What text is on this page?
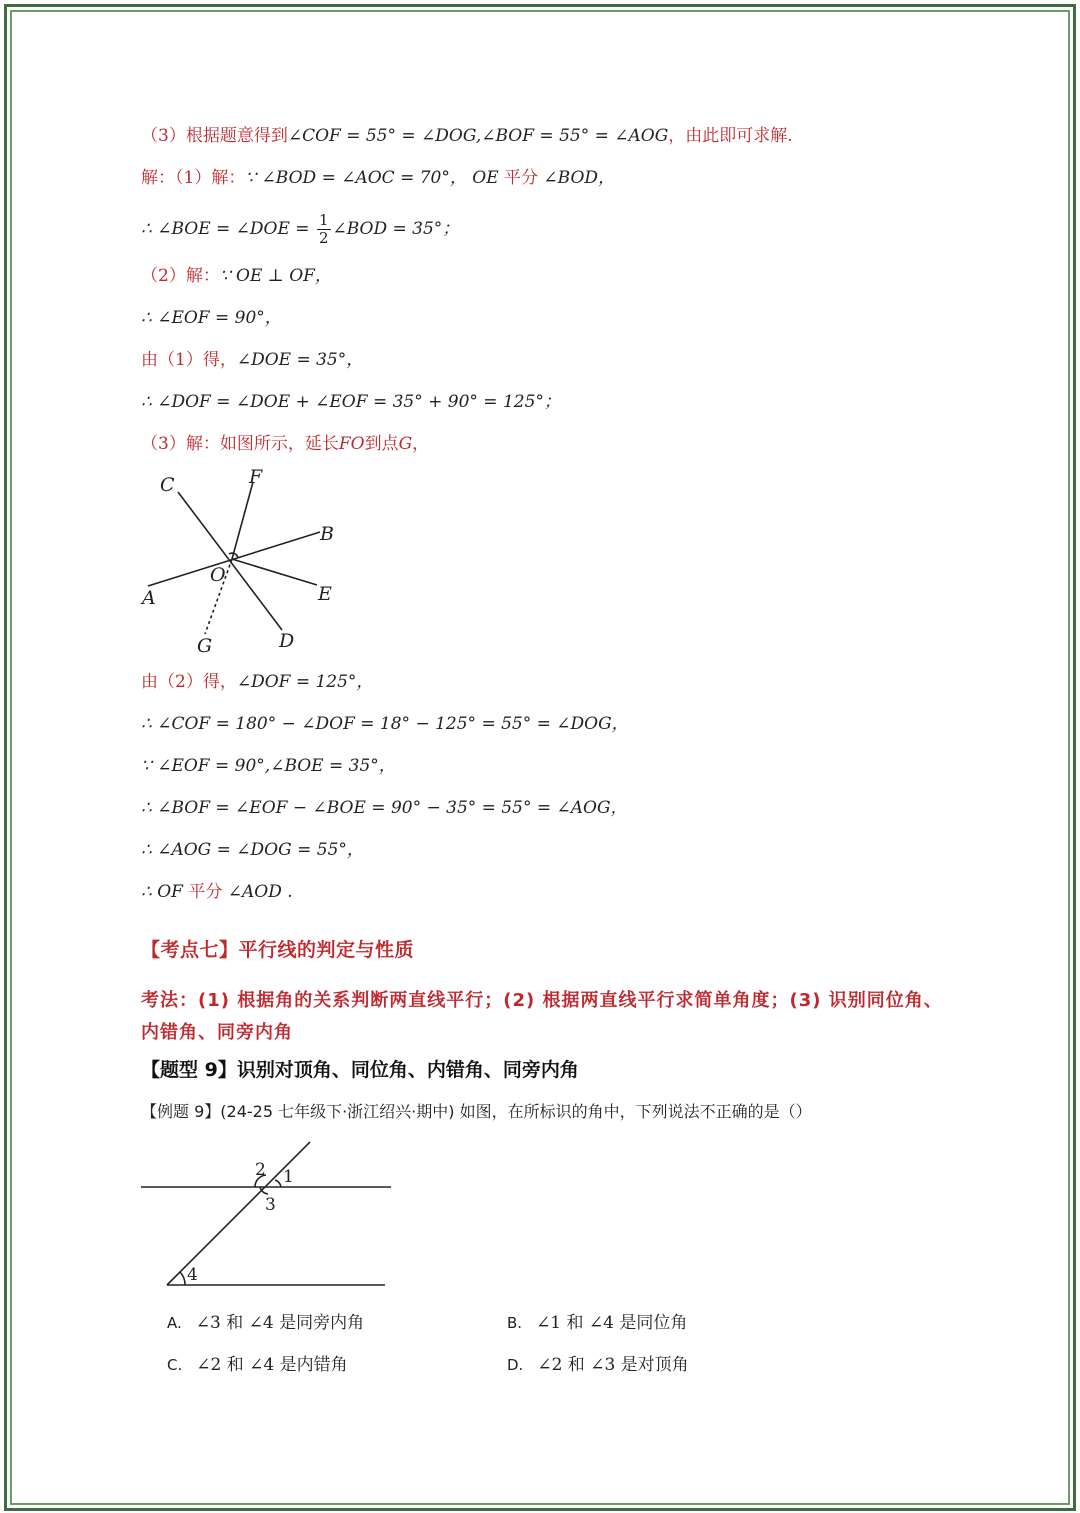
（3）根据题意得到∠COF = 55° = ∠DOG,∠BOF = 55° = ∠AOG，由此即可求解.
解：（1）解：∵ ∠BOD = ∠AOC = 70°， OE 平分 ∠BOD，
∴ ∠BOE = ∠DOE = $\frac{1}{2}$ ∠BOD = 35°；
（2）解：∵ OE ⊥ OF，
∴ ∠EOF = 90°，
由（1）得，∠DOE = 35°，
∴ ∠DOF = ∠DOE + ∠EOF = 35° + 90° = 125°；
（3）解：如图所示，延长FO到点G，
C	F
B
O
A	E
G	D
由（2）得，∠DOF = 125°，
∴ ∠COF = 180° − ∠DOF = 18° − 125° = 55° = ∠DOG，
∵ ∠EOF = 90°,∠BOE = 35°，
∴ ∠BOF = ∠EOF − ∠BOE = 90° − 35° = 55° = ∠AOG，
∴ ∠AOG = ∠DOG = 55°，
∴ OF 平分 ∠AOD .
【考点七】平行线的判定与性质
考法：(1) 根据角的关系判断两直线平行；(2) 根据两直线平行求简单角度；(3) 识别同位角、内错角、同旁内角
【题型 9】识别对顶角、同位角、内错角、同旁内角
【例题 9】(24-25 七年级下·浙江绍兴·期中) 如图，在所标识的角中，下列说法不正确的是（）
1
2
3
4
A. ∠3 和 ∠4 是同旁内角	B. ∠1 和 ∠4 是同位角
C. ∠2 和 ∠4 是内错角	D. ∠2 和 ∠3 是对顶角
